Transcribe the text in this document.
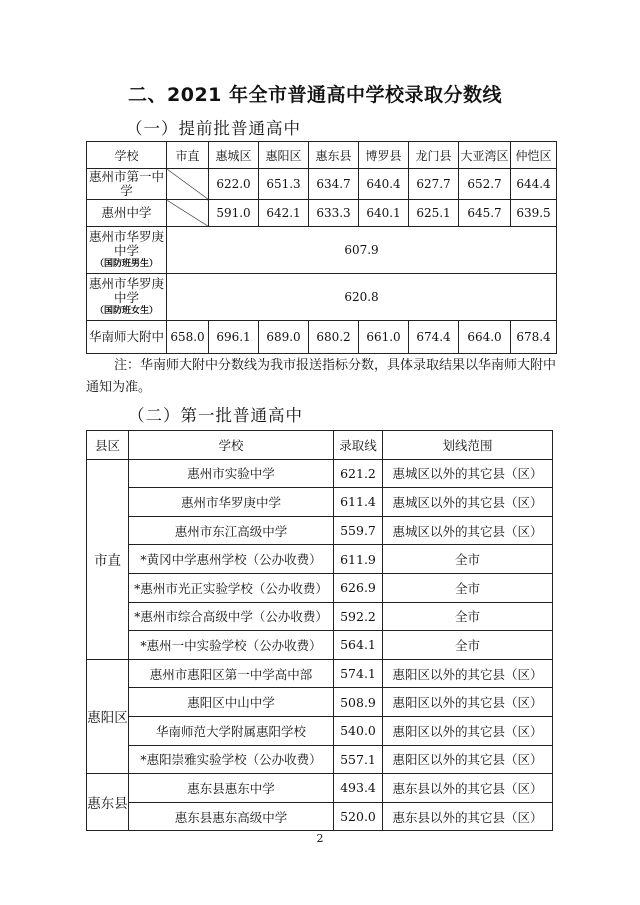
二、2021 年全市普通高中学校录取分数线
（一）提前批普通高中
学校	市直	惠城区	惠阳区	惠东县	博罗县	龙门县	大亚湾区	仲恺区
惠州市第一中学		622.0	651.3	634.7	640.4	627.7	652.7	644.4
惠州中学		591.0	642.1	633.3	640.1	625.1	645.7	639.5
惠州市华罗庚中学
（国防班男生）	607.9							
惠州市华罗庚中学
（国防班女生）	620.8							
华南师大附中	658.0	696.1	689.0	680.2	661.0	674.4	664.0	678.4
注：华南师大附中分数线为我市报送指标分数，具体录取结果以华南师大附中通知为准。
（二）第一批普通高中
县区	学校	录取线	划线范围
市直	惠州市实验中学	621.2	惠城区以外的其它县（区）
	惠州市华罗庚中学	611.4	惠城区以外的其它县（区）
	惠州市东江高级中学	559.7	惠城区以外的其它县（区）
	*黄冈中学惠州学校（公办收费）	611.9	全市
	*惠州市光正实验学校（公办收费）	626.9	全市
	*惠州市综合高级中学（公办收费）	592.2	全市
	*惠州一中实验学校（公办收费）	564.1	全市
惠阳区	惠州市惠阳区第一中学高中部	574.1	惠阳区以外的其它县（区）
	惠阳区中山中学	508.9	惠阳区以外的其它县（区）
	华南师范大学附属惠阳学校	540.0	惠阳区以外的其它县（区）
	*惠阳崇雅实验学校（公办收费）	557.1	惠阳区以外的其它县（区）
惠东县	惠东县惠东中学	493.4	惠东县以外的其它县（区）
	惠东县惠东高级中学	520.0	惠东县以外的其它县（区）
2
